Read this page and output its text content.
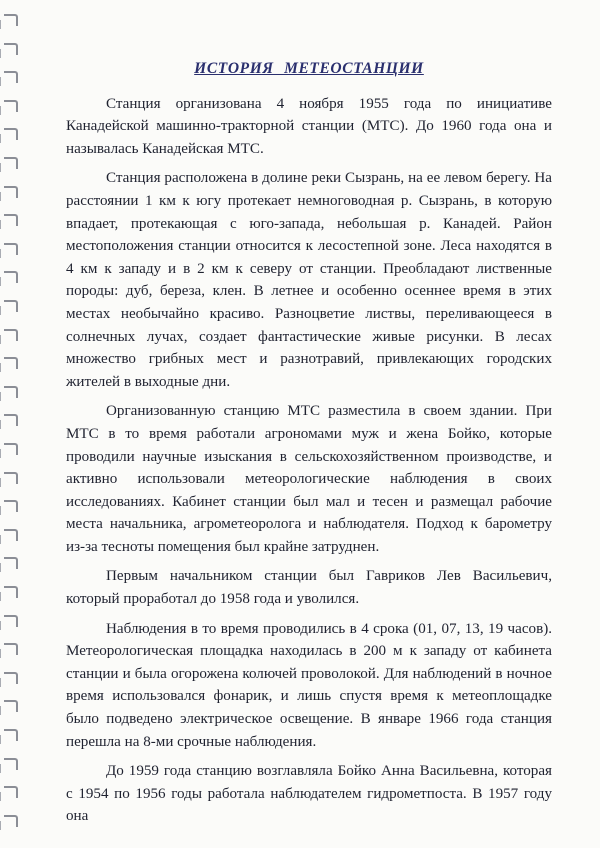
ИСТОРИЯ МЕТЕОСТАНЦИИ

Станция организована 4 ноября 1955 года по инициативе Канадейской машинно-тракторной станции (МТС). До 1960 года она и называлась Канадейская МТС.

Станция расположена в долине реки Сызрань, на ее левом берегу. На расстоянии 1 км к югу протекает немноговодная р. Сызрань, в которую впадает, протекающая с юго-запада, небольшая р. Канадей. Район местоположения станции относится к лесостепной зоне. Леса находятся в 4 км к западу и в 2 км к северу от станции. Преобладают лиственные породы: дуб, береза, клен. В летнее и особенно осеннее время в этих местах необычайно красиво. Разноцветие листвы, переливающееся в солнечных лучах, создает фантастические живые рисунки. В лесах множество грибных мест и разнотравий, привлекающих городских жителей в выходные дни.

Организованную станцию МТС разместила в своем здании. При МТС в то время работали агрономами муж и жена Бойко, которые проводили научные изыскания в сельскохозяйственном производстве, и активно использовали метеорологические наблюдения в своих исследованиях. Кабинет станции был мал и тесен и размещал рабочие места начальника, агрометеоролога и наблюдателя. Подход к барометру из-за тесноты помещения был крайне затруднен.

Первым начальником станции был Гавриков Лев Васильевич, который проработал до 1958 года и уволился.

Наблюдения в то время проводились в 4 срока (01, 07, 13, 19 часов). Метеорологическая площадка находилась в 200 м к западу от кабинета станции и была огорожена колючей проволокой. Для наблюдений в ночное время использовался фонарик, и лишь спустя время к метеоплощадке было подведено электрическое освещение. В январе 1966 года станция перешла на 8-ми срочные наблюдения.

До 1959 года станцию возглавляла Бойко Анна Васильевна, которая с 1954 по 1956 годы работала наблюдателем гидрометпоста. В 1957 году она
